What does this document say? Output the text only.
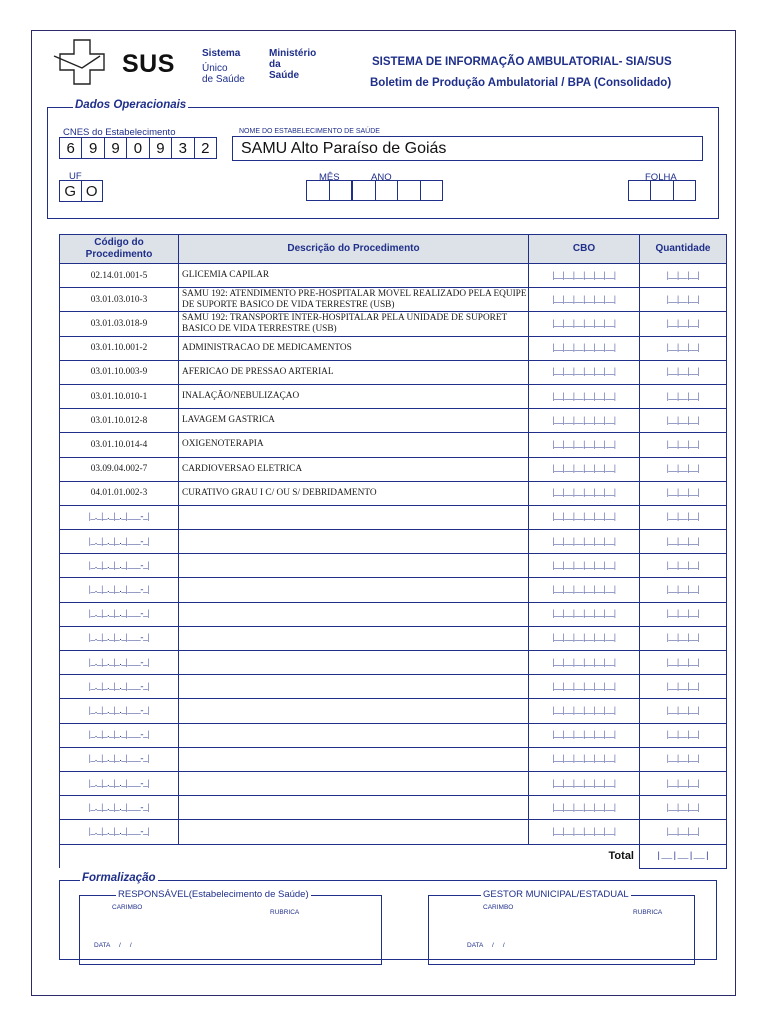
SUS	Sistema
Único
de Saúde
Ministério
da
Saúde
SISTEMA DE INFORMAÇÃO AMBULATORIAL- SIA/SUS
Boletim de Produção Ambulatorial / BPA (Consolidado)
Dados Operacionais
CNES do Estabelecimento
6 9 9 0 9 3 2
NOME DO ESTABELECIMENTO DE SAÚDE
SAMU Alto Paraíso de Goiás
UF
G O
MÊS	ANO	FOLHA
Código do Procedimento	Descrição do Procedimento	CBO	Quantidade
02.14.01.001-5	GLICEMIA CAPILAR	|__|__|__|__|__|__|	|__|__|__|
03.01.03.010-3	SAMU 192: ATENDIMENTO PRE-HOSPITALAR MOVEL REALIZADO PELA EQUIPE DE SUPORTE BASICO DE VIDA TERRESTRE (USB)	|__|__|__|__|__|__|	|__|__|__|
03.01.03.018-9	SAMU 192: TRANSPORTE INTER-HOSPITALAR PELA UNIDADE DE SUPORET BASICO DE VIDA TERRESTRE (USB)	|__|__|__|__|__|__|	|__|__|__|
03.01.10.001-2	ADMINISTRACAO DE MEDICAMENTOS	|__|__|__|__|__|__|	|__|__|__|
03.01.10.003-9	AFERICAO DE PRESSAO ARTERIAL	|__|__|__|__|__|__|	|__|__|__|
03.01.10.010-1	INALAÇÃO/NEBULIZAÇAO	|__|__|__|__|__|__|	|__|__|__|
03.01.10.012-8	LAVAGEM GASTRICA	|__|__|__|__|__|__|	|__|__|__|
03.01.10.014-4	OXIGENOTERAPIA	|__|__|__|__|__|__|	|__|__|__|
03.09.04.002-7	CARDIOVERSAO ELETRICA	|__|__|__|__|__|__|	|__|__|__|
04.01.01.002-3	CURATIVO GRAU I C/ OU S/ DEBRIDAMENTO	|__|__|__|__|__|__|	|__|__|__|
|_._|_._|_._|___-_|		|__|__|__|__|__|__|	|__|__|__|
|_._|_._|_._|___-_|		|__|__|__|__|__|__|	|__|__|__|
|_._|_._|_._|___-_|		|__|__|__|__|__|__|	|__|__|__|
|_._|_._|_._|___-_|		|__|__|__|__|__|__|	|__|__|__|
|_._|_._|_._|___-_|		|__|__|__|__|__|__|	|__|__|__|
|_._|_._|_._|___-_|		|__|__|__|__|__|__|	|__|__|__|
|_._|_._|_._|___-_|		|__|__|__|__|__|__|	|__|__|__|
|_._|_._|_._|___-_|		|__|__|__|__|__|__|	|__|__|__|
|_._|_._|_._|___-_|		|__|__|__|__|__|__|	|__|__|__|
|_._|_._|_._|___-_|		|__|__|__|__|__|__|	|__|__|__|
|_._|_._|_._|___-_|		|__|__|__|__|__|__|	|__|__|__|
|_._|_._|_._|___-_|		|__|__|__|__|__|__|	|__|__|__|
|_._|_._|_._|___-_|		|__|__|__|__|__|__|	|__|__|__|
|_._|_._|_._|___-_|		|__|__|__|__|__|__|	|__|__|__|
		Total	|__|__|__|
Formalização
RESPONSÁVEL(Estabelecimento de Saúde)
CARIMBO
RUBRICA
DATA     /     /
GESTOR MUNICIPAL/ESTADUAL
CARIMBO
RUBRICA
DATA     /     /
